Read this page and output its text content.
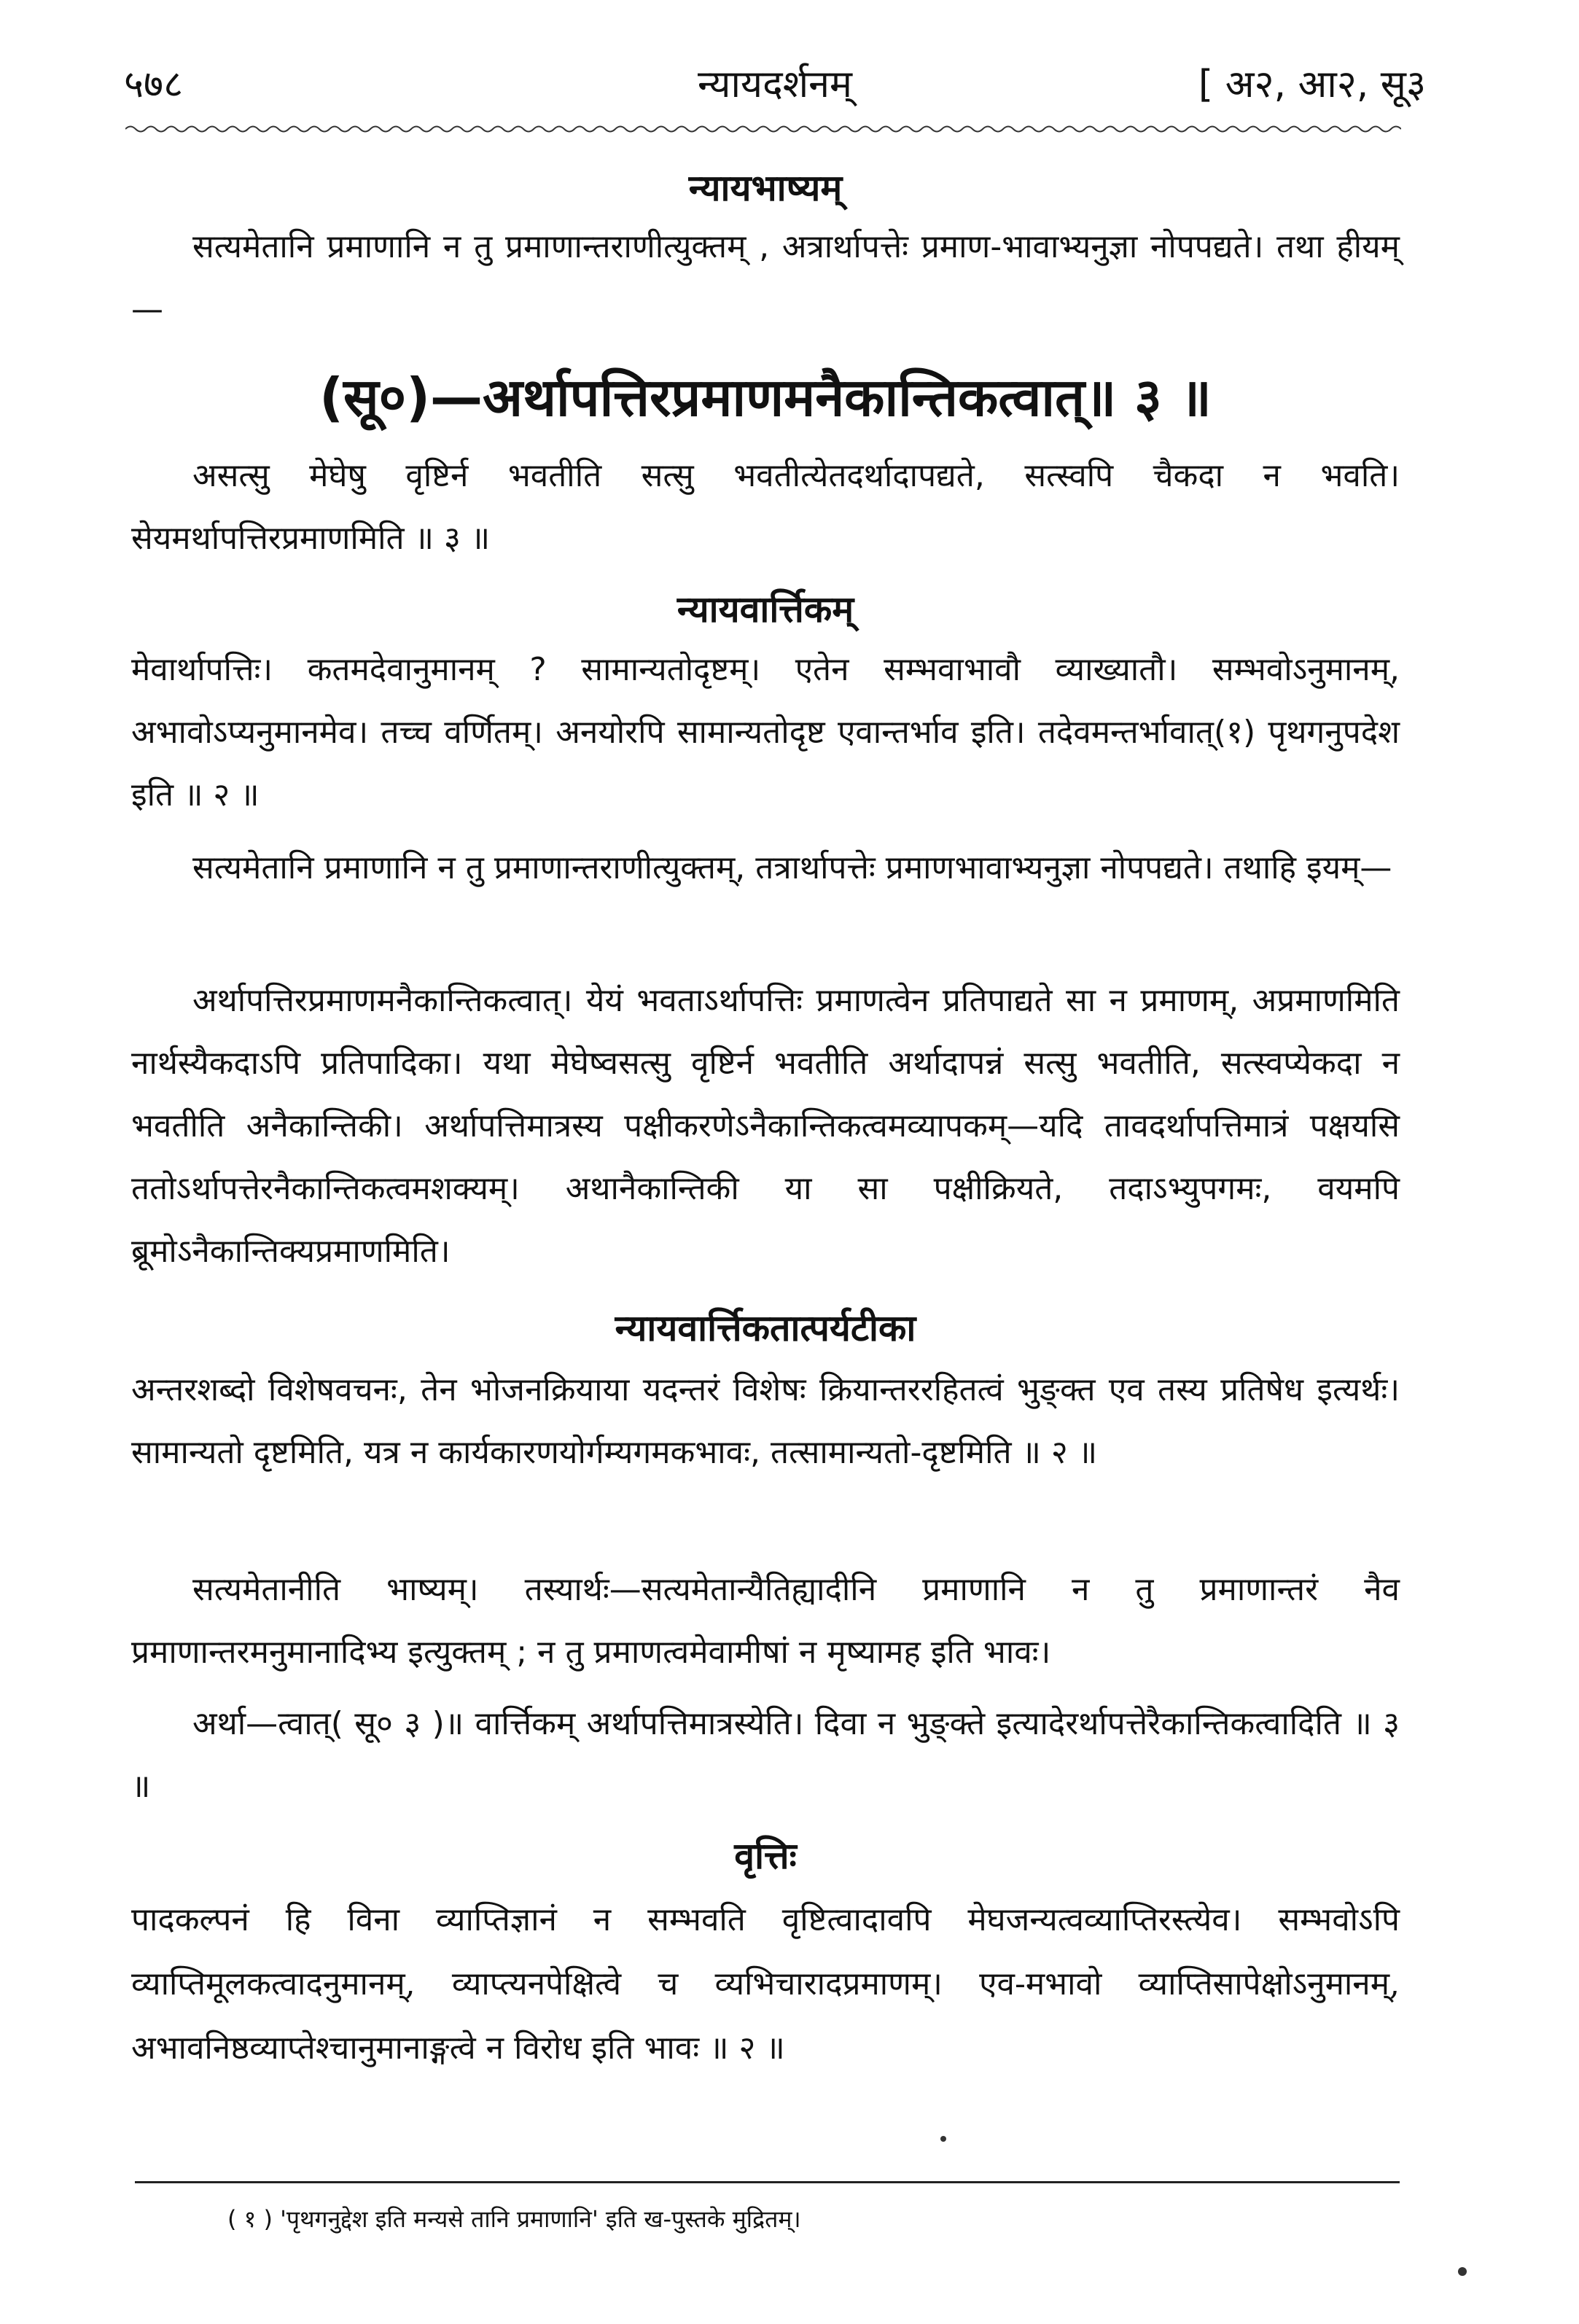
५७८	न्यायदर्शनम्	[ अ२, आ२, सू३
न्यायभाष्यम्
सत्यमेतानि प्रमाणानि न तु प्रमाणान्तराणीत्युक्तम् , अत्रार्थापत्तेः प्रमाण-भावाभ्यनुज्ञा नोपपद्यते। तथा हीयम्—
(सू०)—अर्थापत्तिरप्रमाणमनैकान्तिकत्वात्॥ ३ ॥
असत्सु मेघेषु वृष्टिर्न भवतीति सत्सु भवतीत्येतदर्थादापद्यते, सत्स्वपि चैकदा न भवति। सेयमर्थापत्तिरप्रमाणमिति ॥ ३ ॥
न्यायवार्त्तिकम्
मेवार्थापत्तिः। कतमदेवानुमानम् ? सामान्यतोदृष्टम्। एतेन सम्भवाभावौ व्याख्यातौ। सम्भवोऽनुमानम्, अभावोऽप्यनुमानमेव। तच्च वर्णितम्। अनयोरपि सामान्यतोदृष्ट एवान्तर्भाव इति। तदेवमन्तर्भावात्(१) पृथगनुपदेश इति ॥ २ ॥
सत्यमेतानि प्रमाणानि न तु प्रमाणान्तराणीत्युक्तम्, तत्रार्थापत्तेः प्रमाणभावाभ्यनुज्ञा नोपपद्यते। तथाहि इयम्—
अर्थापत्तिरप्रमाणमनैकान्तिकत्वात्। येयं भवताऽर्थापत्तिः प्रमाणत्वेन प्रतिपाद्यते सा न प्रमाणम्, अप्रमाणमिति नार्थस्यैकदाऽपि प्रतिपादिका। यथा मेघेष्वसत्सु वृष्टिर्न भवतीति अर्थादापन्नं सत्सु भवतीति, सत्स्वप्येकदा न भवतीति अनैकान्तिकी। अर्थापत्तिमात्रस्य पक्षीकरणेऽनैकान्तिकत्वमव्यापकम्—यदि तावदर्थापत्तिमात्रं पक्षयसि ततोऽर्थापत्तेरनैकान्तिकत्वमशक्यम्। अथानैकान्तिकी या सा पक्षीक्रियते, तदाऽभ्युपगमः, वयमपि ब्रूमोऽनैकान्तिक्यप्रमाणमिति।
न्यायवार्त्तिकतात्पर्यटीका
अन्तरशब्दो विशेषवचनः, तेन भोजनक्रियाया यदन्तरं विशेषः क्रियान्तररहितत्वं भुङ्क्त एव तस्य प्रतिषेध इत्यर्थः। सामान्यतो दृष्टमिति, यत्र न कार्यकारणयोर्गम्यगमकभावः, तत्सामान्यतो-दृष्टमिति ॥ २ ॥
सत्यमेतानीति भाष्यम्। तस्यार्थः—सत्यमेतान्यैतिह्यादीनि प्रमाणानि न तु प्रमाणान्तरं नैव प्रमाणान्तरमनुमानादिभ्य इत्युक्तम् ; न तु प्रमाणत्वमेवामीषां न मृष्यामह इति भावः।
अर्था—त्वात्( सू० ३ )॥ वार्त्तिकम् अर्थापत्तिमात्रस्येति। दिवा न भुङ्क्ते इत्यादेरर्थापत्तेरैकान्तिकत्वादिति ॥ ३ ॥
वृत्तिः
पादकल्पनं हि विना व्याप्तिज्ञानं न सम्भवति वृष्टित्वादावपि मेघजन्यत्वव्याप्तिरस्त्येव। सम्भवोऽपि व्याप्तिमूलकत्वादनुमानम्, व्याप्त्यनपेक्षित्वे च व्यभिचारादप्रमाणम्। एव-मभावो व्याप्तिसापेक्षोऽनुमानम्, अभावनिष्ठव्याप्तेश्चानुमानाङ्गत्वे न विरोध इति भावः ॥ २ ॥
( १ ) 'पृथगनुद्देश इति मन्यसे तानि प्रमाणानि' इति ख-पुस्तके मुद्रितम्।
